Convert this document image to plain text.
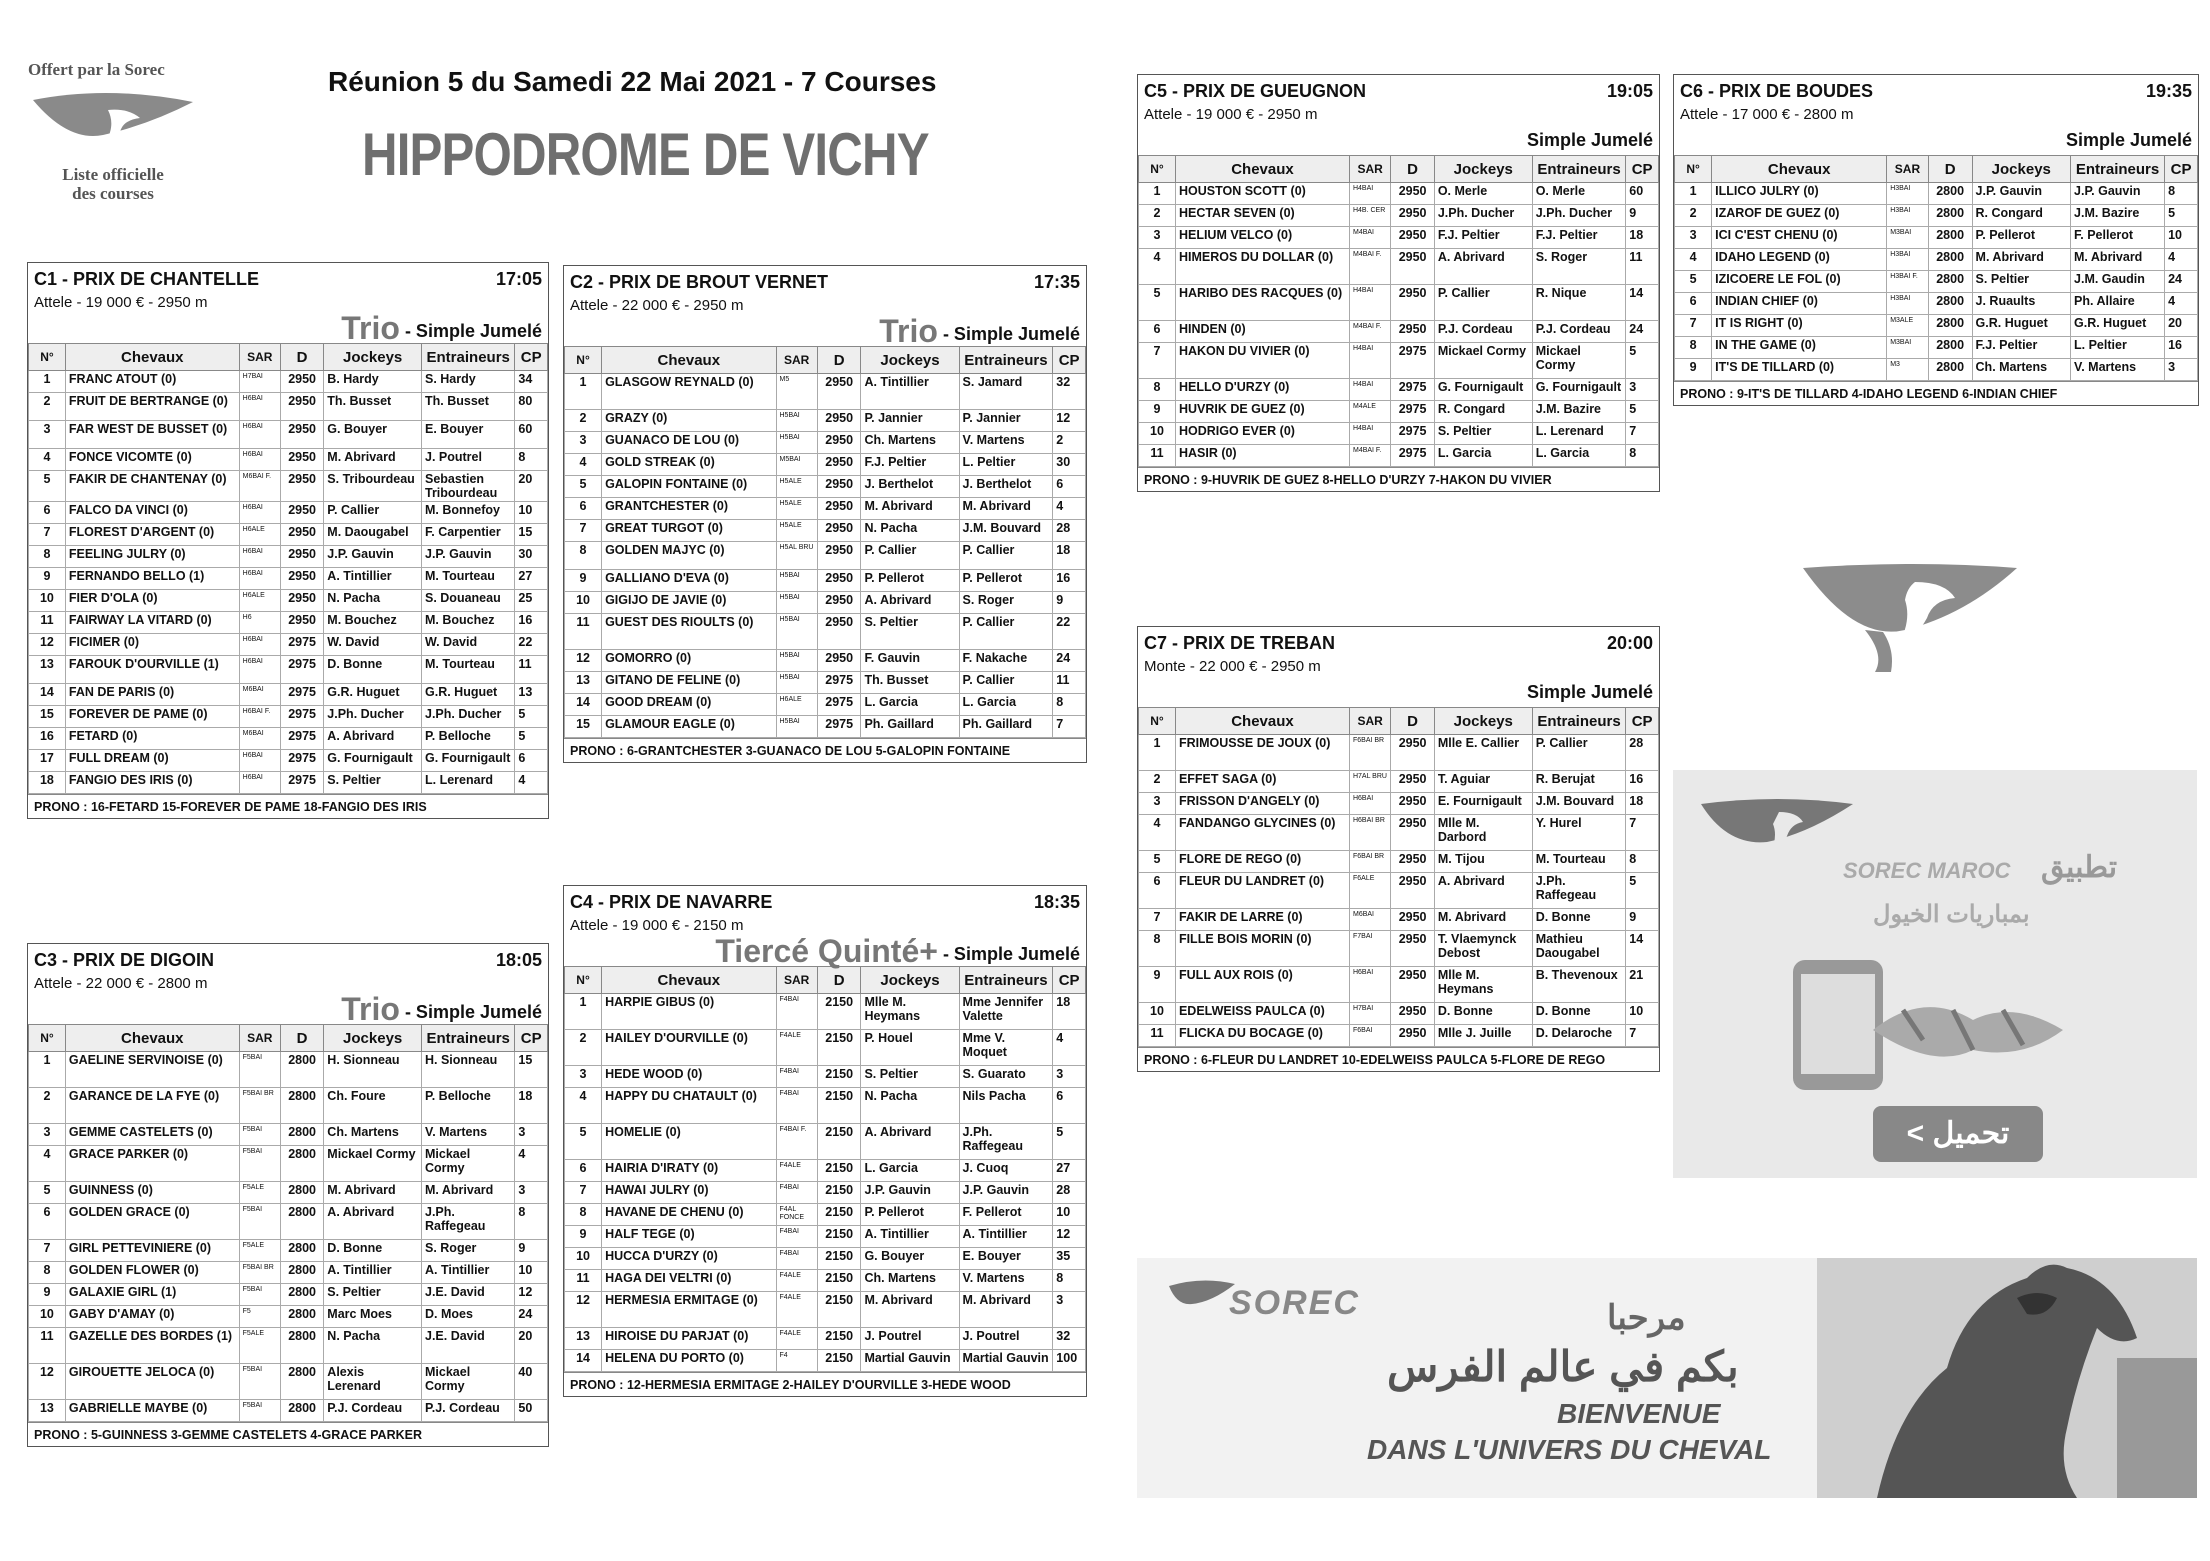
Offert par la Sorec
Liste officielle
des courses
Réunion 5 du Samedi 22 Mai 2021 - 7 Courses
HIPPODROME DE VICHY
C1 - PRIX DE CHANTELLE	17:05
Attele - 19 000 € - 2950 m
Trio - Simple Jumelé
N°	Chevaux	SAR	D	Jockeys	Entraineurs	CP
1	FRANC ATOUT (0)	H7BAI	2950	B. Hardy	S. Hardy	34
2	FRUIT DE BERTRANGE (0)	H6BAI	2950	Th. Busset	Th. Busset	80
3	FAR WEST DE BUSSET (0)	H6BAI	2950	G. Bouyer	E. Bouyer	60
4	FONCE VICOMTE (0)	H6BAI	2950	M. Abrivard	J. Poutrel	8
5	FAKIR DE CHANTENAY (0)	M6BAI F.	2950	S. Tribourdeau	Sebastien Tribourdeau	20
6	FALCO DA VINCI (0)	H6BAI	2950	P. Callier	M. Bonnefoy	10
7	FLOREST D'ARGENT (0)	H6ALE	2950	M. Daougabel	F. Carpentier	15
8	FEELING JULRY (0)	H6BAI	2950	J.P. Gauvin	J.P. Gauvin	30
9	FERNANDO BELLO (1)	H6BAI	2950	A. Tintillier	M. Tourteau	27
10	FIER D'OLA (0)	H6ALE	2950	N. Pacha	S. Douaneau	25
11	FAIRWAY LA VITARD (0)	H6	2950	M. Bouchez	M. Bouchez	16
12	FICIMER (0)	H6BAI	2975	W. David	W. David	22
13	FAROUK D'OURVILLE (1)	H6BAI	2975	D. Bonne	M. Tourteau	11
14	FAN DE PARIS (0)	M6BAI	2975	G.R. Huguet	G.R. Huguet	13
15	FOREVER DE PAME (0)	H6BAI F.	2975	J.Ph. Ducher	J.Ph. Ducher	5
16	FETARD (0)	M6BAI	2975	A. Abrivard	P. Belloche	5
17	FULL DREAM (0)	H6BAI	2975	G. Fournigault	G. Fournigault	6
18	FANGIO DES IRIS (0)	H6BAI	2975	S. Peltier	L. Lerenard	4
PRONO : 16-FETARD 15-FOREVER DE PAME 18-FANGIO DES IRIS
C2 - PRIX DE BROUT VERNET	17:35
Attele - 22 000 € - 2950 m
Trio - Simple Jumelé
N°	Chevaux	SAR	D	Jockeys	Entraineurs	CP
1	GLASGOW REYNALD (0)	M5	2950	A. Tintillier	S. Jamard	32
2	GRAZY (0)	H5BAI	2950	P. Jannier	P. Jannier	12
3	GUANACO DE LOU (0)	H5BAI	2950	Ch. Martens	V. Martens	2
4	GOLD STREAK (0)	M5BAI	2950	F.J. Peltier	L. Peltier	30
5	GALOPIN FONTAINE (0)	H5ALE	2950	J. Berthelot	J. Berthelot	6
6	GRANTCHESTER (0)	H5ALE	2950	M. Abrivard	M. Abrivard	4
7	GREAT TURGOT (0)	H5ALE	2950	N. Pacha	J.M. Bouvard	28
8	GOLDEN MAJYC (0)	H5AL BRU	2950	P. Callier	P. Callier	18
9	GALLIANO D'EVA (0)	H5BAI	2950	P. Pellerot	P. Pellerot	16
10	GIGIJO DE JAVIE (0)	H5BAI	2950	A. Abrivard	S. Roger	9
11	GUEST DES RIOULTS (0)	H5BAI	2950	S. Peltier	P. Callier	22
12	GOMORRO (0)	H5BAI	2950	F. Gauvin	F. Nakache	24
13	GITANO DE FELINE (0)	H5BAI	2975	Th. Busset	P. Callier	11
14	GOOD DREAM (0)	H6ALE	2975	L. Garcia	L. Garcia	8
15	GLAMOUR EAGLE (0)	H5BAI	2975	Ph. Gaillard	Ph. Gaillard	7
PRONO : 6-GRANTCHESTER 3-GUANACO DE LOU 5-GALOPIN FONTAINE
C3 - PRIX DE DIGOIN	18:05
Attele - 22 000 € - 2800 m
Trio - Simple Jumelé
N°	Chevaux	SAR	D	Jockeys	Entraineurs	CP
1	GAELINE SERVINOISE (0)	F5BAI	2800	H. Sionneau	H. Sionneau	15
2	GARANCE DE LA FYE (0)	F5BAI BR	2800	Ch. Foure	P. Belloche	18
3	GEMME CASTELETS (0)	F5BAI	2800	Ch. Martens	V. Martens	3
4	GRACE PARKER (0)	F5BAI	2800	Mickael Cormy	Mickael Cormy	4
5	GUINNESS (0)	F5ALE	2800	M. Abrivard	M. Abrivard	3
6	GOLDEN GRACE (0)	F5BAI	2800	A. Abrivard	J.Ph. Raffegeau	8
7	GIRL PETTEVINIERE (0)	F5ALE	2800	D. Bonne	S. Roger	9
8	GOLDEN FLOWER (0)	F5BAI BR	2800	A. Tintillier	A. Tintillier	10
9	GALAXIE GIRL (1)	F5BAI	2800	S. Peltier	J.E. David	12
10	GABY D'AMAY (0)	F5	2800	Marc Moes	D. Moes	24
11	GAZELLE DES BORDES (1)	F5ALE	2800	N. Pacha	J.E. David	20
12	GIROUETTE JELOCA (0)	F5BAI	2800	Alexis Lerenard	Mickael Cormy	40
13	GABRIELLE MAYBE (0)	F5BAI	2800	P.J. Cordeau	P.J. Cordeau	50
PRONO : 5-GUINNESS 3-GEMME CASTELETS 4-GRACE PARKER
C4 - PRIX DE NAVARRE	18:35
Attele - 19 000 € - 2150 m
Tiercé Quinté+ - Simple Jumelé
N°	Chevaux	SAR	D	Jockeys	Entraineurs	CP
1	HARPIE GIBUS (0)	F4BAI	2150	Mlle M. Heymans	Mme Jennifer Valette	18
2	HAILEY D'OURVILLE (0)	F4ALE	2150	P. Houel	Mme V. Moquet	4
3	HEDE WOOD (0)	F4BAI	2150	S. Peltier	S. Guarato	3
4	HAPPY DU CHATAULT (0)	F4BAI	2150	N. Pacha	Nils Pacha	6
5	HOMELIE (0)	F4BAI F.	2150	A. Abrivard	J.Ph. Raffegeau	5
6	HAIRIA D'IRATY (0)	F4ALE	2150	L. Garcia	J. Cuoq	27
7	HAWAI JULRY (0)	F4BAI	2150	J.P. Gauvin	J.P. Gauvin	28
8	HAVANE DE CHENU (0)	F4AL FONCE	2150	P. Pellerot	F. Pellerot	10
9	HALF TEGE (0)	F4BAI	2150	A. Tintillier	A. Tintillier	12
10	HUCCA D'URZY (0)	F4BAI	2150	G. Bouyer	E. Bouyer	35
11	HAGA DEI VELTRI (0)	F4ALE	2150	Ch. Martens	V. Martens	8
12	HERMESIA ERMITAGE (0)	F4ALE	2150	M. Abrivard	M. Abrivard	3
13	HIROISE DU PARJAT (0)	F4ALE	2150	J. Poutrel	J. Poutrel	32
14	HELENA DU PORTO (0)	F4	2150	Martial Gauvin	Martial Gauvin	100
PRONO : 12-HERMESIA ERMITAGE 2-HAILEY D'OURVILLE 3-HEDE WOOD
C5 - PRIX DE GUEUGNON	19:05
Attele - 19 000 € - 2950 m
Simple Jumelé
N°	Chevaux	SAR	D	Jockeys	Entraineurs	CP
1	HOUSTON SCOTT (0)	H4BAI	2950	O. Merle	O. Merle	60
2	HECTAR SEVEN (0)	H4B. CER	2950	J.Ph. Ducher	J.Ph. Ducher	9
3	HELIUM VELCO (0)	M4BAI	2950	F.J. Peltier	F.J. Peltier	18
4	HIMEROS DU DOLLAR (0)	M4BAI F.	2950	A. Abrivard	S. Roger	11
5	HARIBO DES RACQUES (0)	H4BAI	2950	P. Callier	R. Nique	14
6	HINDEN (0)	M4BAI F.	2950	P.J. Cordeau	P.J. Cordeau	24
7	HAKON DU VIVIER (0)	H4BAI	2975	Mickael Cormy	Mickael Cormy	5
8	HELLO D'URZY (0)	H4BAI	2975	G. Fournigault	G. Fournigault	3
9	HUVRIK DE GUEZ (0)	M4ALE	2975	R. Congard	J.M. Bazire	5
10	HODRIGO EVER (0)	H4BAI	2975	S. Peltier	L. Lerenard	7
11	HASIR (0)	M4BAI F.	2975	L. Garcia	L. Garcia	8
PRONO : 9-HUVRIK DE GUEZ 8-HELLO D'URZY 7-HAKON DU VIVIER
C6 - PRIX DE BOUDES	19:35
Attele - 17 000 € - 2800 m
Simple Jumelé
N°	Chevaux	SAR	D	Jockeys	Entraineurs	CP
1	ILLICO JULRY (0)	H3BAI	2800	J.P. Gauvin	J.P. Gauvin	8
2	IZAROF DE GUEZ (0)	H3BAI	2800	R. Congard	J.M. Bazire	5
3	ICI C'EST CHENU (0)	M3BAI	2800	P. Pellerot	F. Pellerot	10
4	IDAHO LEGEND (0)	H3BAI	2800	M. Abrivard	M. Abrivard	4
5	IZICOERE LE FOL (0)	H3BAI F.	2800	S. Peltier	J.M. Gaudin	24
6	INDIAN CHIEF (0)	H3BAI	2800	J. Ruaults	Ph. Allaire	4
7	IT IS RIGHT (0)	M3ALE	2800	G.R. Huguet	G.R. Huguet	20
8	IN THE GAME (0)	M3BAI	2800	F.J. Peltier	L. Peltier	16
9	IT'S DE TILLARD (0)	M3	2800	Ch. Martens	V. Martens	3
PRONO : 9-IT'S DE TILLARD 4-IDAHO LEGEND 6-INDIAN CHIEF
C7 - PRIX DE TREBAN	20:00
Monte - 22 000 € - 2950 m
Simple Jumelé
N°	Chevaux	SAR	D	Jockeys	Entraineurs	CP
1	FRIMOUSSE DE JOUX (0)	F6BAI BR	2950	Mlle E. Callier	P. Callier	28
2	EFFET SAGA (0)	H7AL BRU	2950	T. Aguiar	R. Berujat	16
3	FRISSON D'ANGELY (0)	H6BAI	2950	E. Fournigault	J.M. Bouvard	18
4	FANDANGO GLYCINES (0)	H6BAI BR	2950	Mlle M. Darbord	Y. Hurel	7
5	FLORE DE REGO (0)	F6BAI BR	2950	M. Tijou	M. Tourteau	8
6	FLEUR DU LANDRET (0)	F6ALE	2950	A. Abrivard	J.Ph. Raffegeau	5
7	FAKIR DE LARRE (0)	M6BAI	2950	M. Abrivard	D. Bonne	9
8	FILLE BOIS MORIN (0)	F7BAI	2950	T. Vlaemynck Debost	Mathieu Daougabel	14
9	FULL AUX ROIS (0)	H6BAI	2950	Mlle M. Heymans	B. Thevenoux	21
10	EDELWEISS PAULCA (0)	H7BAI	2950	D. Bonne	D. Bonne	10
11	FLICKA DU BOCAGE (0)	F6BAI	2950	Mlle J. Juille	D. Delaroche	7
PRONO : 6-FLEUR DU LANDRET 10-EDELWEISS PAULCA 5-FLORE DE REGO
SOREC MAROC تطبيق
بمباريات الخيول
< تحميل
SOREC	مرحبا
بكم في عالم الفرس
BIENVENUE
DANS L'UNIVERS DU CHEVAL
